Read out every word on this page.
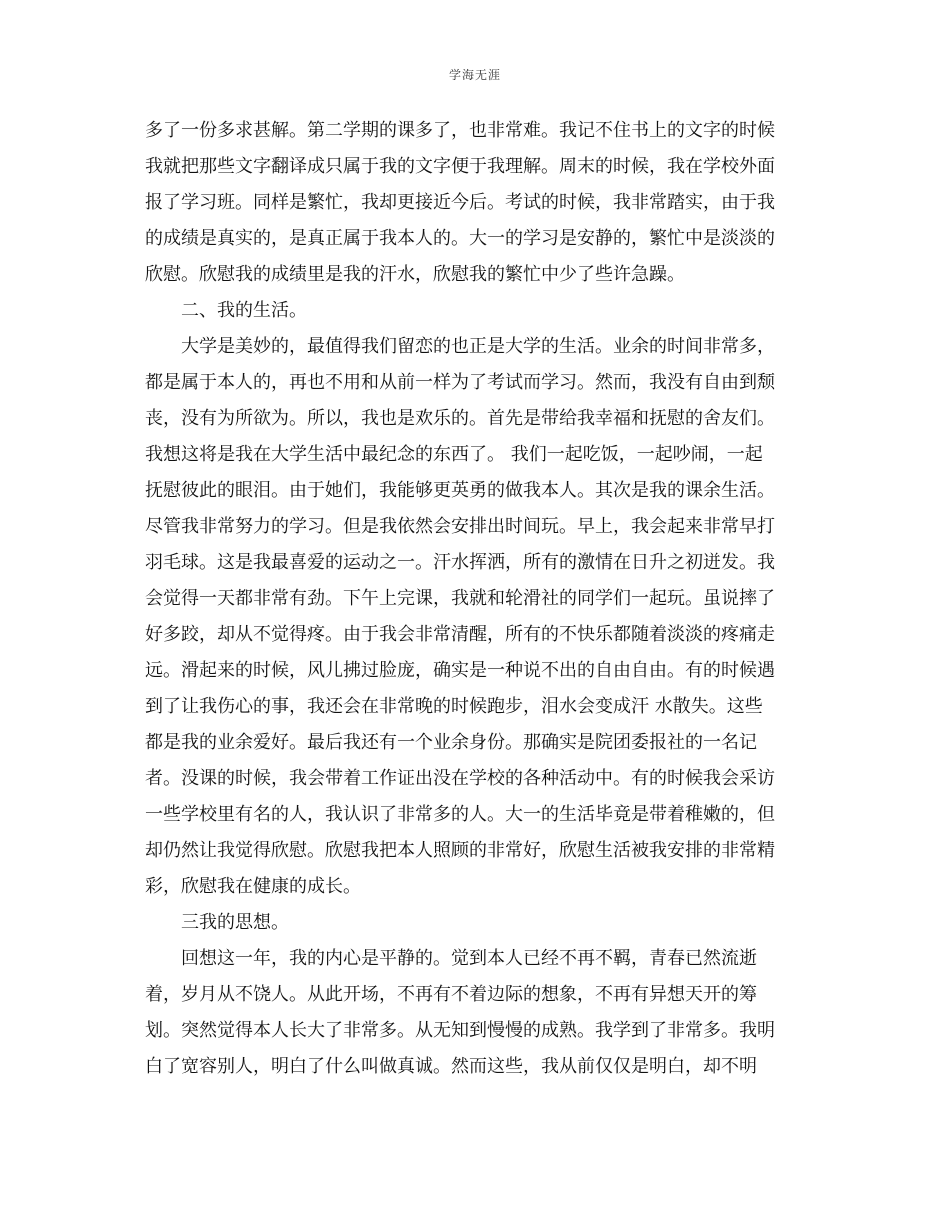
学海无涯
多了一份多求甚解。第二学期的课多了，也非常难。我记不住书上的文字的时候
我就把那些文字翻译成只属于我的文字便于我理解。周末的时候，我在学校外面
报了学习班。同样是繁忙，我却更接近今后。考试的时候，我非常踏实，由于我
的成绩是真实的，是真正属于我本人的。大一的学习是安静的，繁忙中是淡淡的
欣慰。欣慰我的成绩里是我的汗水，欣慰我的繁忙中少了些许急躁。
二、我的生活。
大学是美妙的，最值得我们留恋的也正是大学的生活。业余的时间非常多，
都是属于本人的，再也不用和从前一样为了考试而学习。然而，我没有自由到颓
丧，没有为所欲为。所以，我也是欢乐的。首先是带给我幸福和抚慰的舍友们。
我想这将是我在大学生活中最纪念的东西了。 我们一起吃饭，一起吵闹，一起
抚慰彼此的眼泪。由于她们，我能够更英勇的做我本人。其次是我的课余生活。
尽管我非常努力的学习。但是我依然会安排出时间玩。早上，我会起来非常早打
羽毛球。这是我最喜爱的运动之一。汗水挥洒，所有的激情在日升之初迸发。我
会觉得一天都非常有劲。下午上完课，我就和轮滑社的同学们一起玩。虽说摔了
好多跤，却从不觉得疼。由于我会非常清醒，所有的不快乐都随着淡淡的疼痛走
远。滑起来的时候，风儿拂过脸庞，确实是一种说不出的自由自由。有的时候遇
到了让我伤心的事，我还会在非常晚的时候跑步，泪水会变成汗 水散失。这些
都是我的业余爱好。最后我还有一个业余身份。那确实是院团委报社的一名记
者。没课的时候，我会带着工作证出没在学校的各种活动中。有的时候我会采访
一些学校里有名的人，我认识了非常多的人。大一的生活毕竟是带着稚嫩的，但
却仍然让我觉得欣慰。欣慰我把本人照顾的非常好，欣慰生活被我安排的非常精
彩，欣慰我在健康的成长。
三我的思想。
回想这一年，我的内心是平静的。觉到本人已经不再不羁，青春已然流逝
着，岁月从不饶人。从此开场，不再有不着边际的想象，不再有异想天开的筹
划。突然觉得本人长大了非常多。从无知到慢慢的成熟。我学到了非常多。我明
白了宽容别人，明白了什么叫做真诚。然而这些，我从前仅仅是明白，却不明
